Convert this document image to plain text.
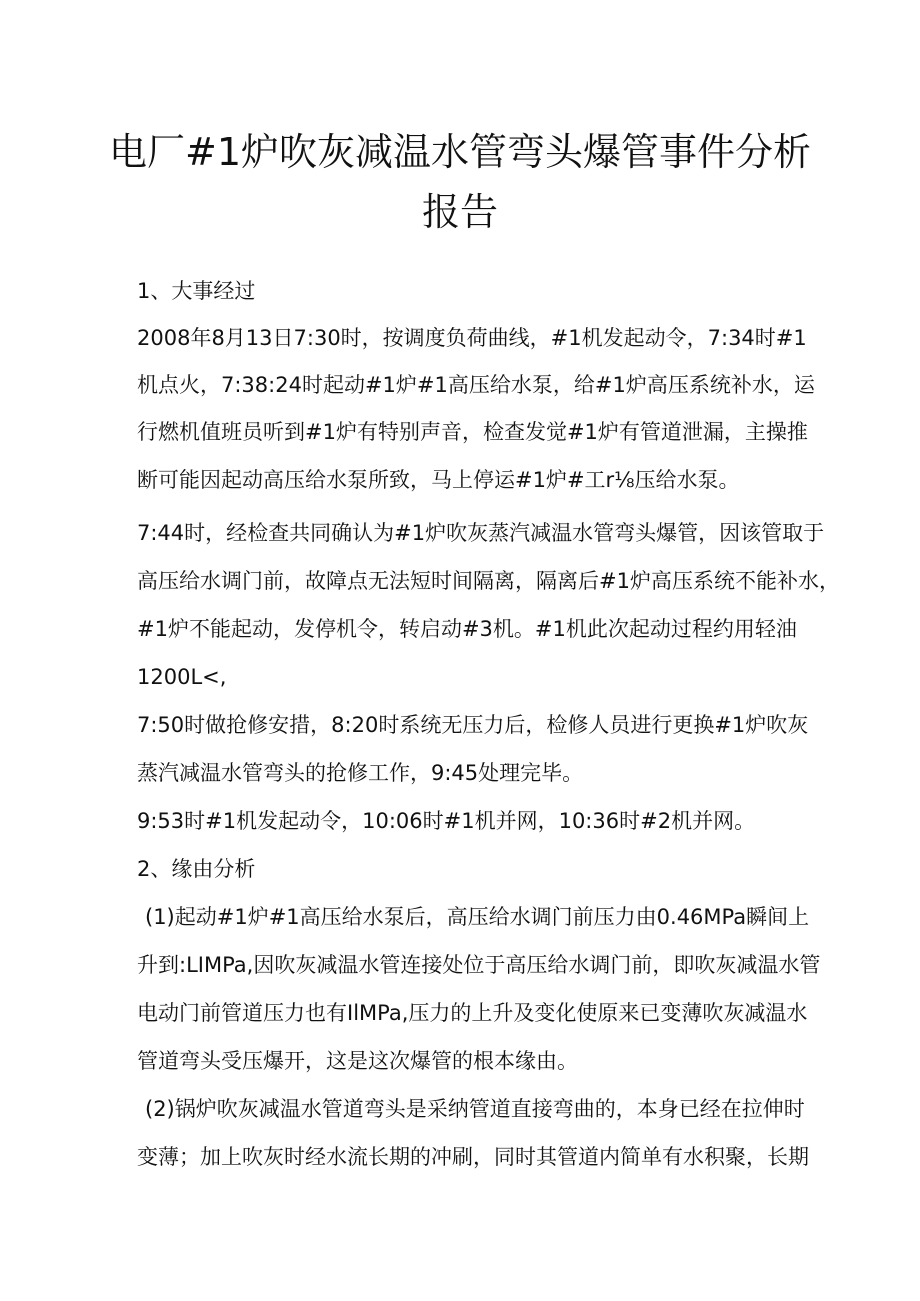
电厂#1炉吹灰减温水管弯头爆管事件分析
报告

1、大事经过

2008年8月13日7:30时，按调度负荷曲线，#1机发起动令，7:34时#1

机点火，7:38:24时起动#1炉#1高压给水泵，给#1炉高压系统补水，运

行燃机值班员听到#1炉有特别声音，检查发觉#1炉有管道泄漏，主操推

断可能因起动高压给水泵所致，马上停运#1炉#工r⅛压给水泵。

7:44时，经检查共同确认为#1炉吹灰蒸汽减温水管弯头爆管，因该管取于

高压给水调门前，故障点无法短时间隔离，隔离后#1炉高压系统不能补水，

#1炉不能起动，发停机令，转启动#3机。#1机此次起动过程约用轻油

1200L<,

7:50时做抢修安措，8:20时系统无压力后，检修人员进行更换#1炉吹灰

蒸汽减温水管弯头的抢修工作，9:45处理完毕。

9:53时#1机发起动令，10:06时#1机并网，10:36时#2机并网。

2、缘由分析

(1)起动#1炉#1高压给水泵后，高压给水调门前压力由0.46MPa瞬间上

升到:LIMPa,因吹灰减温水管连接处位于高压给水调门前，即吹灰减温水管

电动门前管道压力也有IlMPa,压力的上升及变化使原来已变薄吹灰减温水

管道弯头受压爆开，这是这次爆管的根本缘由。

(2)锅炉吹灰减温水管道弯头是采纳管道直接弯曲的，本身已经在拉伸时

变薄；加上吹灰时经水流长期的冲刷，同时其管道内简单有水积聚，长期
